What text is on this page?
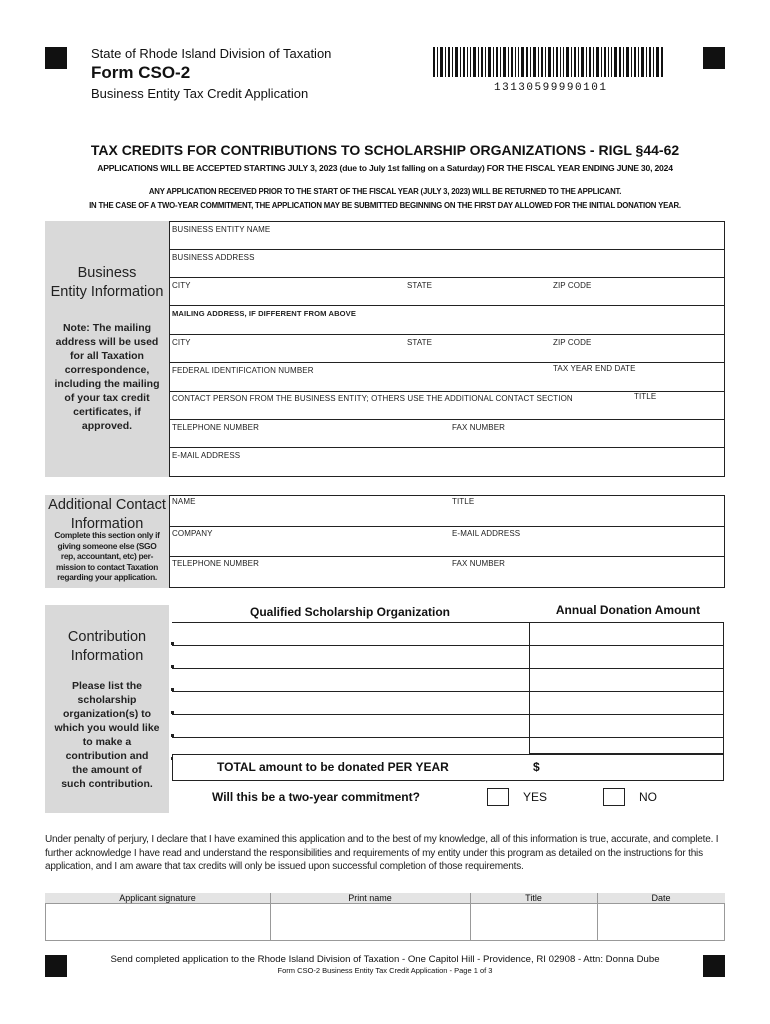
State of Rhode Island Division of Taxation
Form CSO-2
Business Entity Tax Credit Application	13130599990101
TAX CREDITS FOR CONTRIBUTIONS TO SCHOLARSHIP ORGANIZATIONS - RIGL §44-62
APPLICATIONS WILL BE ACCEPTED STARTING JULY 3, 2023 (due to July 1st falling on a Saturday) FOR THE FISCAL YEAR ENDING JUNE 30, 2024
ANY APPLICATION RECEIVED PRIOR TO THE START OF THE FISCAL YEAR (JULY 3, 2023) WILL BE RETURNED TO THE APPLICANT.
IN THE CASE OF A TWO-YEAR COMMITMENT, THE APPLICATION MAY BE SUBMITTED BEGINNING ON THE FIRST DAY ALLOWED FOR THE INITIAL DONATION YEAR.
Business
Entity Information
Note: The mailing
address will be used
for all Taxation
correspondence,
including the mailing
of your tax credit
certificates, if
approved.
BUSINESS ENTITY NAME
BUSINESS ADDRESS
CITY	STATE	ZIP CODE
MAILING ADDRESS, IF DIFFERENT FROM ABOVE
CITY	STATE	ZIP CODE
FEDERAL IDENTIFICATION NUMBER	TAX YEAR END DATE
CONTACT PERSON FROM THE BUSINESS ENTITY; OTHERS USE THE ADDITIONAL CONTACT SECTION	TITLE
TELEPHONE NUMBER	FAX NUMBER
E-MAIL ADDRESS
Additional Contact
Information
Complete this section only if
giving someone else (SGO
rep, accountant, etc) per-
mission to contact Taxation
regarding your application.
NAME	TITLE
COMPANY	E-MAIL ADDRESS
TELEPHONE NUMBER	FAX NUMBER
Contribution
Information
Please list the
scholarship
organization(s) to
which you would like
to make a
contribution and
the amount of
such contribution.
Qualified Scholarship Organization	Annual Donation Amount
TOTAL amount to be donated PER YEAR	$
Will this be a two-year commitment?	YES	NO
Under penalty of perjury, I declare that I have examined this application and to the best of my knowledge, all of this information is true, accurate, and complete. I further acknowledge I have read and understand the responsibilities and requirements of my entity under this program as detailed on the instructions for this application, and I am aware that tax credits will only be issued upon successful completion of those requirements.
Applicant signature	Print name	Title	Date
Send completed application to the Rhode Island Division of Taxation - One Capitol Hill - Providence, RI 02908 - Attn: Donna Dube
Form CSO-2 Business Entity Tax Credit Application - Page 1 of 3
